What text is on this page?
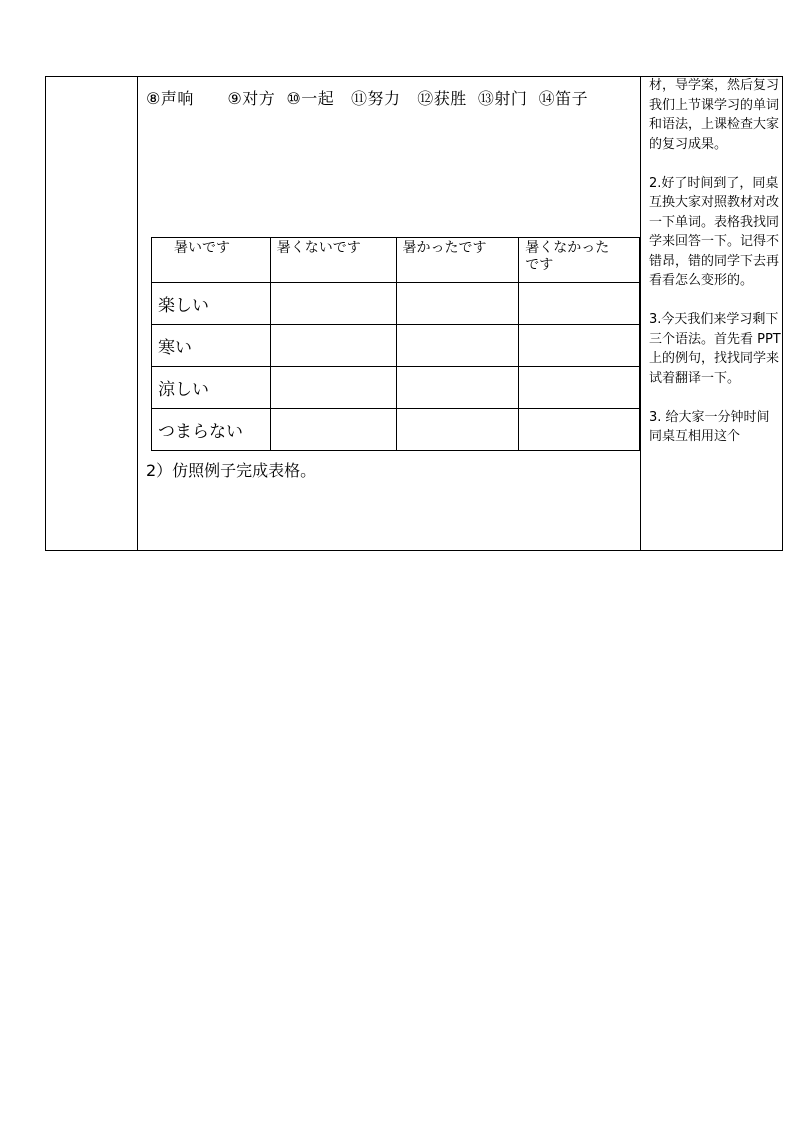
⑧声响      ⑨对方  ⑩一起   ⑪努力   ⑫获胜  ⑬射门  ⑭笛子
暑いです	暑くないです	暑かったです	暑くなかった
です
楽しい			
寒い			
涼しい			
つまらない			
2）仿照例子完成表格。

材，导学案，然后复习我们上节课学习的单词和语法，上课检查大家的复习成果。

2.好了时间到了，同桌互换大家对照教材对改一下单词。表格我找同学来回答一下。记得不错昂，错的同学下去再看看怎么变形的。

3.今天我们来学习剩下三个语法。首先看 PPT 上的例句，找找同学来试着翻译一下。

3. 给大家一分钟时间同桌互相用这个
